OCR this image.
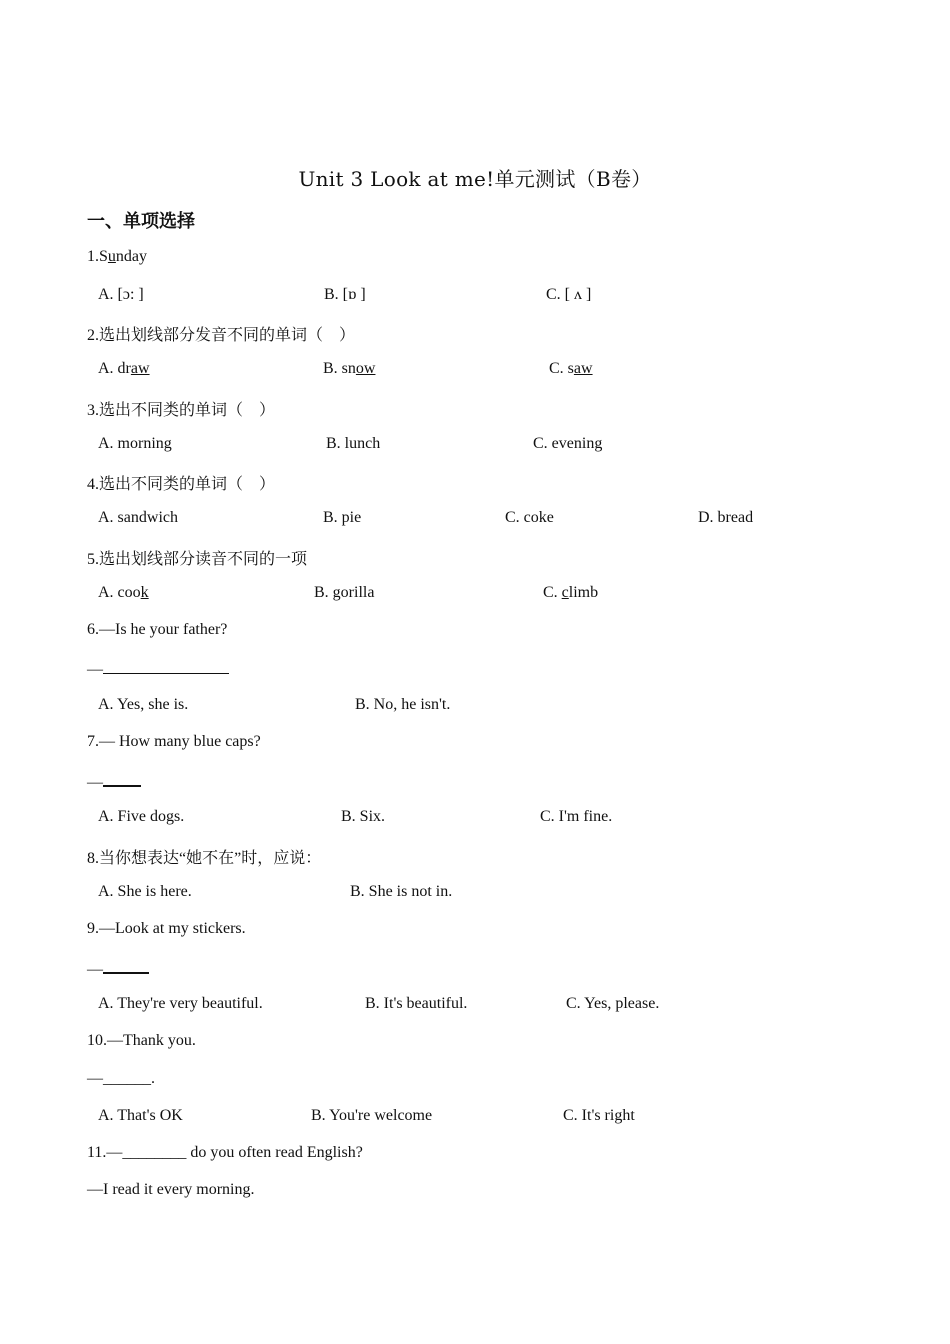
Unit 3 Look at me!单元测试（B卷）
一、单项选择
1.Sunday
A. [ɔ: ]	B. [ɒ ]	C. [ ʌ ]
2.选出划线部分发音不同的单词（　）
A. draw	B. snow	C. saw
3.选出不同类的单词（　）
A. morning	B. lunch	C. evening
4.选出不同类的单词（　）
A. sandwich	B. pie	C. coke	D. bread
5.选出划线部分读音不同的一项
A. cook	B. gorilla	C. climb
6.—Is he your father?
—
A. Yes, she is.	B. No, he isn't.
7.— How many blue caps?
—
A. Five dogs.	B. Six.	C. I'm fine.
8.当你想表达“她不在”时，应说：
A. She is here.	B. She is not in.
9.—Look at my stickers.
—
A. They're very beautiful.	B. It's beautiful.	C. Yes, please.
10.—Thank you.
—______.
A. That's OK	B. You're welcome	C. It's right
11.—________ do you often read English?
—I read it every morning.
